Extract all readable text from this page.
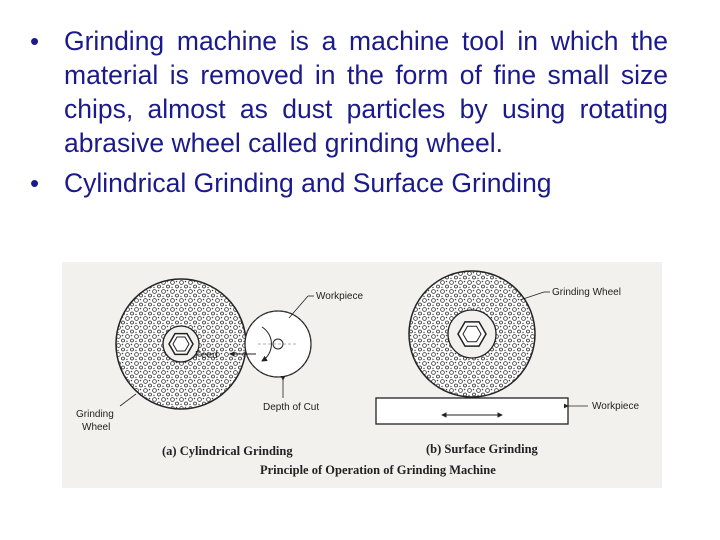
• Grinding machine is a machine tool in which the material is removed in the form of fine small size chips, almost as dust particles by using rotating abrasive wheel called grinding wheel.
• Cylindrical Grinding and Surface Grinding
Workpiece
Feed
Depth of Cut
Grinding Wheel
Grinding Wheel
Workpiece
(a) Cylindrical Grinding	(b) Surface Grinding
Principle of Operation of Grinding Machine
